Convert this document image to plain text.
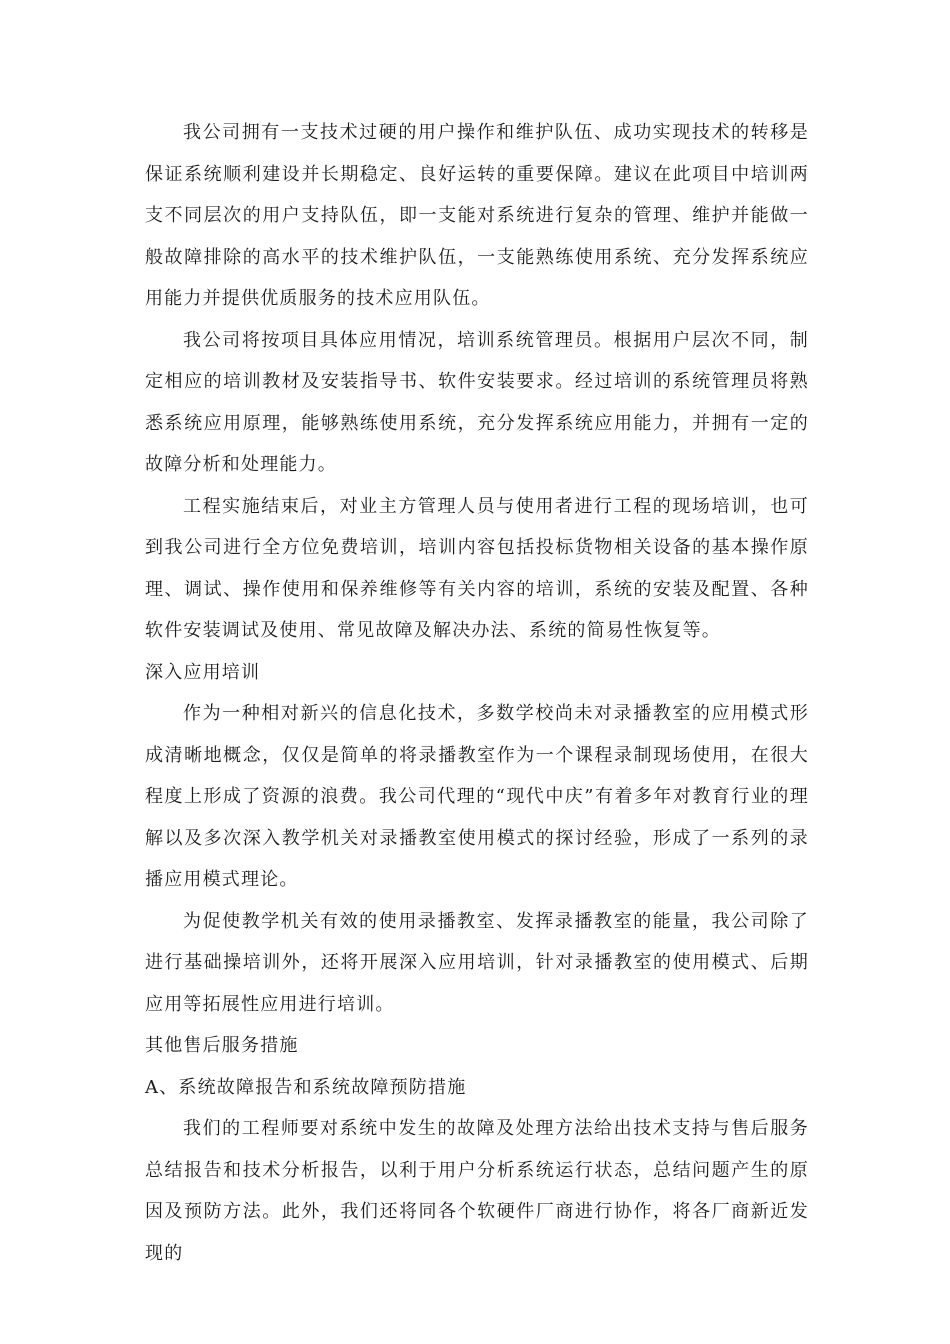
我公司拥有一支技术过硬的用户操作和维护队伍、成功实现技术的转移是保证系统顺利建设并长期稳定、良好运转的重要保障。建议在此项目中培训两支不同层次的用户支持队伍，即一支能对系统进行复杂的管理、维护并能做一般故障排除的高水平的技术维护队伍，一支能熟练使用系统、充分发挥系统应用能力并提供优质服务的技术应用队伍。

我公司将按项目具体应用情况，培训系统管理员。根据用户层次不同，制定相应的培训教材及安装指导书、软件安装要求。经过培训的系统管理员将熟悉系统应用原理，能够熟练使用系统，充分发挥系统应用能力，并拥有一定的故障分析和处理能力。

工程实施结束后，对业主方管理人员与使用者进行工程的现场培训，也可到我公司进行全方位免费培训，培训内容包括投标货物相关设备的基本操作原理、调试、操作使用和保养维修等有关内容的培训，系统的安装及配置、各种软件安装调试及使用、常见故障及解决办法、系统的简易性恢复等。

深入应用培训

作为一种相对新兴的信息化技术，多数学校尚未对录播教室的应用模式形成清晰地概念，仅仅是简单的将录播教室作为一个课程录制现场使用，在很大程度上形成了资源的浪费。我公司代理的“现代中庆”有着多年对教育行业的理解以及多次深入教学机关对录播教室使用模式的探讨经验，形成了一系列的录播应用模式理论。

为促使教学机关有效的使用录播教室、发挥录播教室的能量，我公司除了进行基础操培训外，还将开展深入应用培训，针对录播教室的使用模式、后期应用等拓展性应用进行培训。

其他售后服务措施

A、系统故障报告和系统故障预防措施

我们的工程师要对系统中发生的故障及处理方法给出技术支持与售后服务总结报告和技术分析报告，以利于用户分析系统运行状态，总结问题产生的原因及预防方法。此外，我们还将同各个软硬件厂商进行协作，将各厂商新近发现的
